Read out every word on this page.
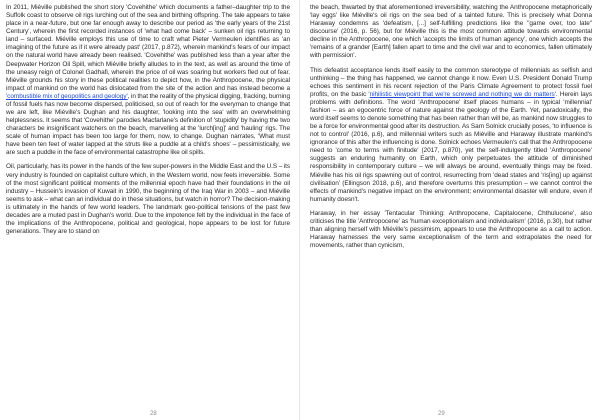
In 2011, Miéville published the short story 'Covehithe' which documents a father–daughter trip to the Suffolk coast to observe oil rigs lurching out of the sea and birthing offspring. The tale appears to take place in a near-future, but one far enough away to describe our period as 'the early years of the 21st Century', wherein the first recorded instances of 'what had come back' – sunken oil rigs returning to land – surfaced. Miéville employs this use of time to craft what Pieter Vermeulen identifies as 'an imagining of the future as if it were already past' (2017, p.872), wherein mankind's fears of our impact on the natural world have already been realised. 'Covehithe' was published less than a year after the Deepwater Horizon Oil Spill, which Miéville briefly alludes to in the text, as well as around the time of the uneasy reign of Colonel Gadhafi, wherein the price of oil was soaring but workers fled out of fear. Miéville grounds his story in these political realities to depict how, in the Anthropocene, the physical impact of mankind on the world has dislocated from the site of the action and has instead become a 'combustible mix of geopolitics and geology', in that the reality of the physical digging, fracking, burning of fossil fuels has now become dispersed, politicised, so out of reach for the everyman to change that we are left, like Miéville's Dughan and his daughter, 'looking into the sea' with an overwhelming helplessness. It seems that 'Covehithe' parodies Macfarlane's definition of 'stupidity' by having the two characters be insignificant watchers on the beach, marvelling at the 'lurch[ing]' and 'hauling' rigs. The scale of human impact has been too large for them, now, to change. Dughan narrates, 'What must have been ten feet of water lapped at the struts like a puddle at a child's shoes' – pessimistically, we are such a puddle in the face of environmental catastrophe like oil spills.

Oil, particularly, has its power in the hands of the few super-powers in the Middle East and the U.S – its very industry is founded on capitalist culture which, in the Western world, now feels irreversible. Some of the most significant political moments of the millennial epoch have had their foundations in the oil industry – Hussein's invasion of Kuwait in 1990, the beginning of the Iraq War in 2003 – and Miéville seems to ask – what can an individual do in these situations, but watch in horror? The decision-making is ultimately in the hands of few world leaders. The landmark geo-political tensions of the past few decades are a muted past in Dughan's world. Due to the impotence felt by the individual in the face of the implications of the Anthropocene, political and geological, hope appears to be lost for future generations. They are to stand on

28

the beach, thwarted by that aforementioned irreversibility, watching the Anthropocene metaphorically 'lay eggs' like Miéville's oil rigs on the sea bed of a tainted future. This is precisely what Donna Haraway condemns as 'defeatism, [...] self-fulfilling predictions like the "game over, too late" discourse' (2016, p. 56), but for Miéville this is the most common attitude towards environmental decline in the Anthropocene, one which 'accepts the limits of human agency', one which accepts the 'remains of a grander [Earth] fallen apart to time and the civil war and to economics, fallen ultimately with permission'.

This defeatist acceptance lends itself easily to the common stereotype of millennials as selfish and unthinking – the thing has happened, we cannot change it now. Even U.S. President Donald Trump echoes this sentiment in his recent rejection of the Paris Climate Agreement to protect fossil fuel profits, on the basic 'nihilistic viewpoint that we're screwed and nothing we do matters'. Herein lays problems with definitions. The word 'Anthropocene' itself places humans – in typical 'millennial' fashion – as an egocentric force of nature against the geology of the Earth. Yet, paradoxically, the word itself seems to denote something that has been rather than will be, as mankind now struggles to be a force for environmental good after its destruction. As Sam Solnick crucially poses, 'to influence is not to control' (2016, p.6), and millennial writers such as Miéville and Haraway illustrate mankind's ignorance of this after the influencing is done. Solnick echoes Vermeulen's call that the Anthropocene need to 'come to terms with finitude' (2017, p.870), yet the self-indulgently titled 'Anthropocene' suggests an enduring humanity on Earth, which only perpetuates the attitude of diminished responsibility in contemporary culture – we will always be around, eventually things may be fixed. Miéville has his oil rigs spawning out of control, resurrecting from 'dead states and 'ris[ing] up against civilisation' (Ellingson 2018, p.6), and therefore overturns this presumption – we cannot control the effects of mankind's negative impact on the environment; environmental disaster will endure, even if humanity doesn't.

Haraway, in her essay 'Tentacular Thinking: Anthropocene, Capitalocene, Chthulucene', also criticises the title 'Anthropocene' as 'human exceptionalism and individualism' (2016, p.30), but rather than aligning herself with Miéville's pessimism, appears to use the Anthropocene as a call to action. Haraway harnesses the very same exceptionalism of the term and extrapolates the need for movements, rather than cynicism,

29
